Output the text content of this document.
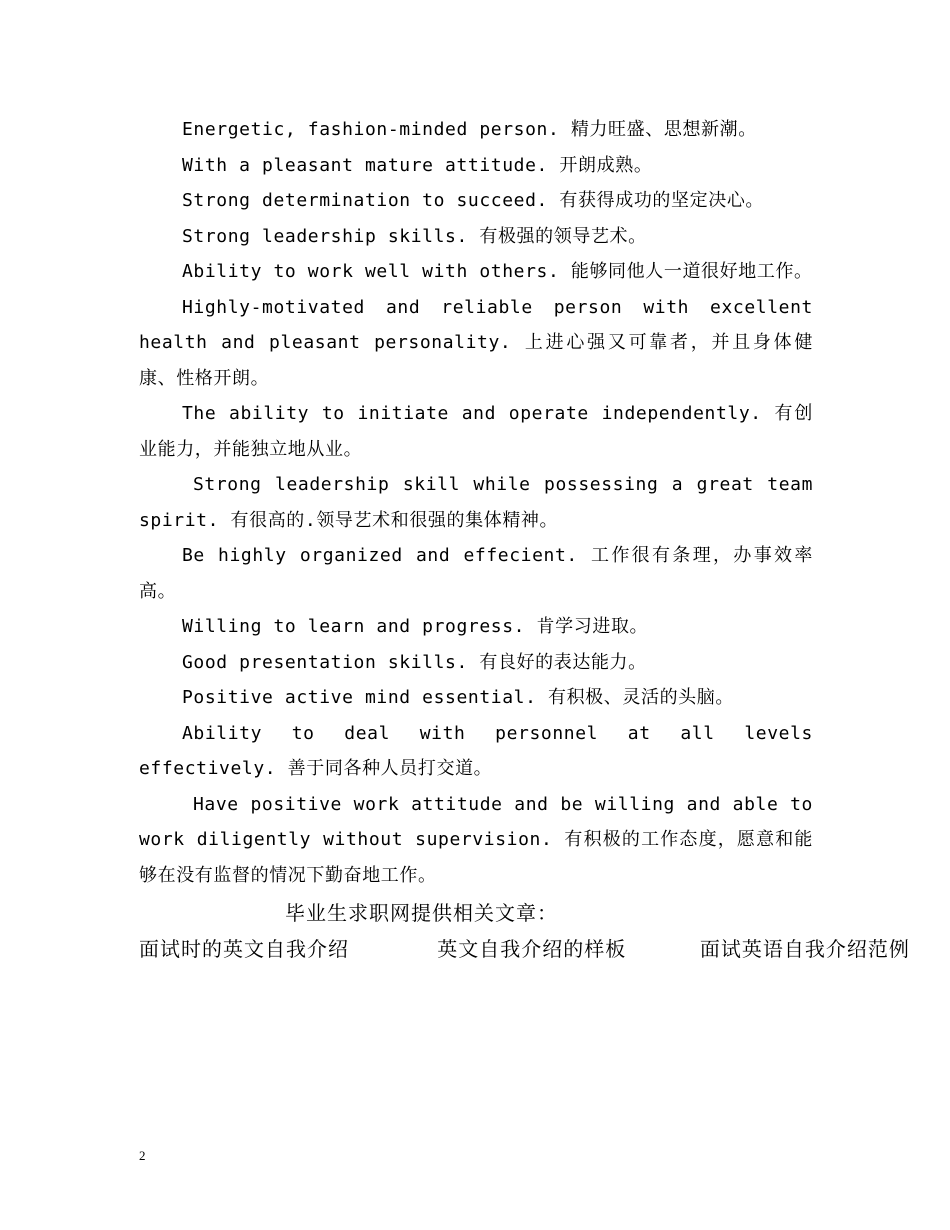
Energetic, fashion-minded person. 精力旺盛、思想新潮。

With a pleasant mature attitude. 开朗成熟。

Strong determination to succeed. 有获得成功的坚定决心。

Strong leadership skills. 有极强的领导艺术。

Ability to work well with others. 能够同他人一道很好地工作。

Highly-motivated and reliable person with excellent health and pleasant personality. 上进心强又可靠者，并且身体健康、性格开朗。

The ability to initiate and operate independently. 有创业能力，并能独立地从业。

Strong leadership skill while possessing a great team spirit. 有很高的.领导艺术和很强的集体精神。

Be highly organized and effecient. 工作很有条理，办事效率高。

Willing to learn and progress. 肯学习进取。

Good presentation skills. 有良好的表达能力。

Positive active mind essential. 有积极、灵活的头脑。

Ability to deal with personnel at all levels effectively. 善于同各种人员打交道。

Have positive work attitude and be willing and able to work diligently without supervision. 有积极的工作态度，愿意和能够在没有监督的情况下勤奋地工作。

毕业生求职网提供相关文章：面试时的英文自我介绍	英文自我介绍的样板	面试英语自我介绍范例

2
